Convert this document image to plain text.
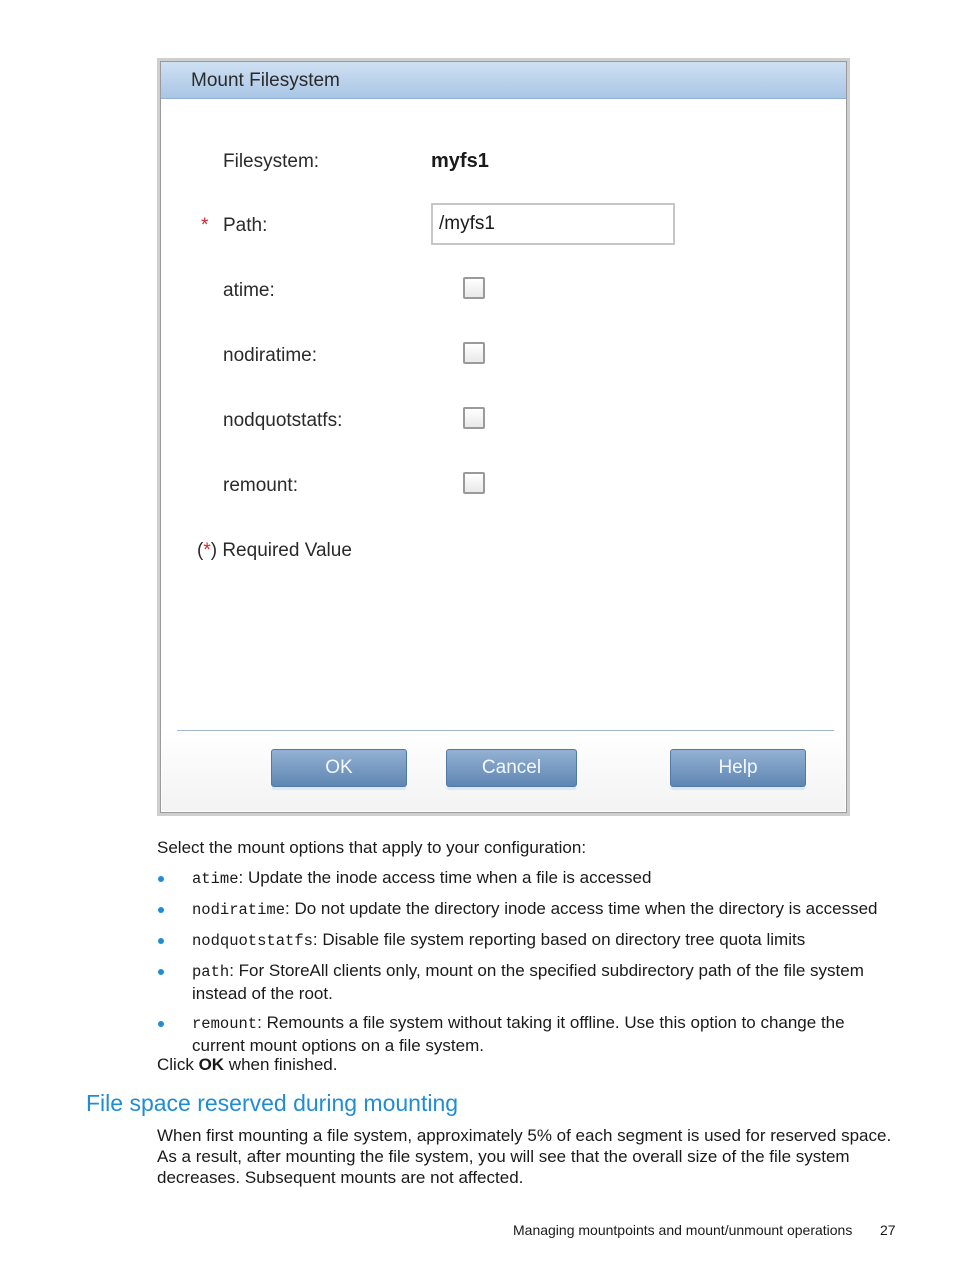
Mount Filesystem
Filesystem:	myfs1
* Path:
/myfs1
atime:
nodiratime:
nodquotstatfs:
remount:
(*) Required Value
OK	Cancel	Help
Select the mount options that apply to your configuration:
atime: Update the inode access time when a file is accessed
nodiratime: Do not update the directory inode access time when the directory is accessed
nodquotstatfs: Disable file system reporting based on directory tree quota limits
path: For StoreAll clients only, mount on the specified subdirectory path of the file system instead of the root.
remount: Remounts a file system without taking it offline. Use this option to change the current mount options on a file system.
Click OK when finished.
File space reserved during mounting
When first mounting a file system, approximately 5% of each segment is used for reserved space. As a result, after mounting the file system, you will see that the overall size of the file system decreases. Subsequent mounts are not affected.
Managing mountpoints and mount/unmount operations 27
